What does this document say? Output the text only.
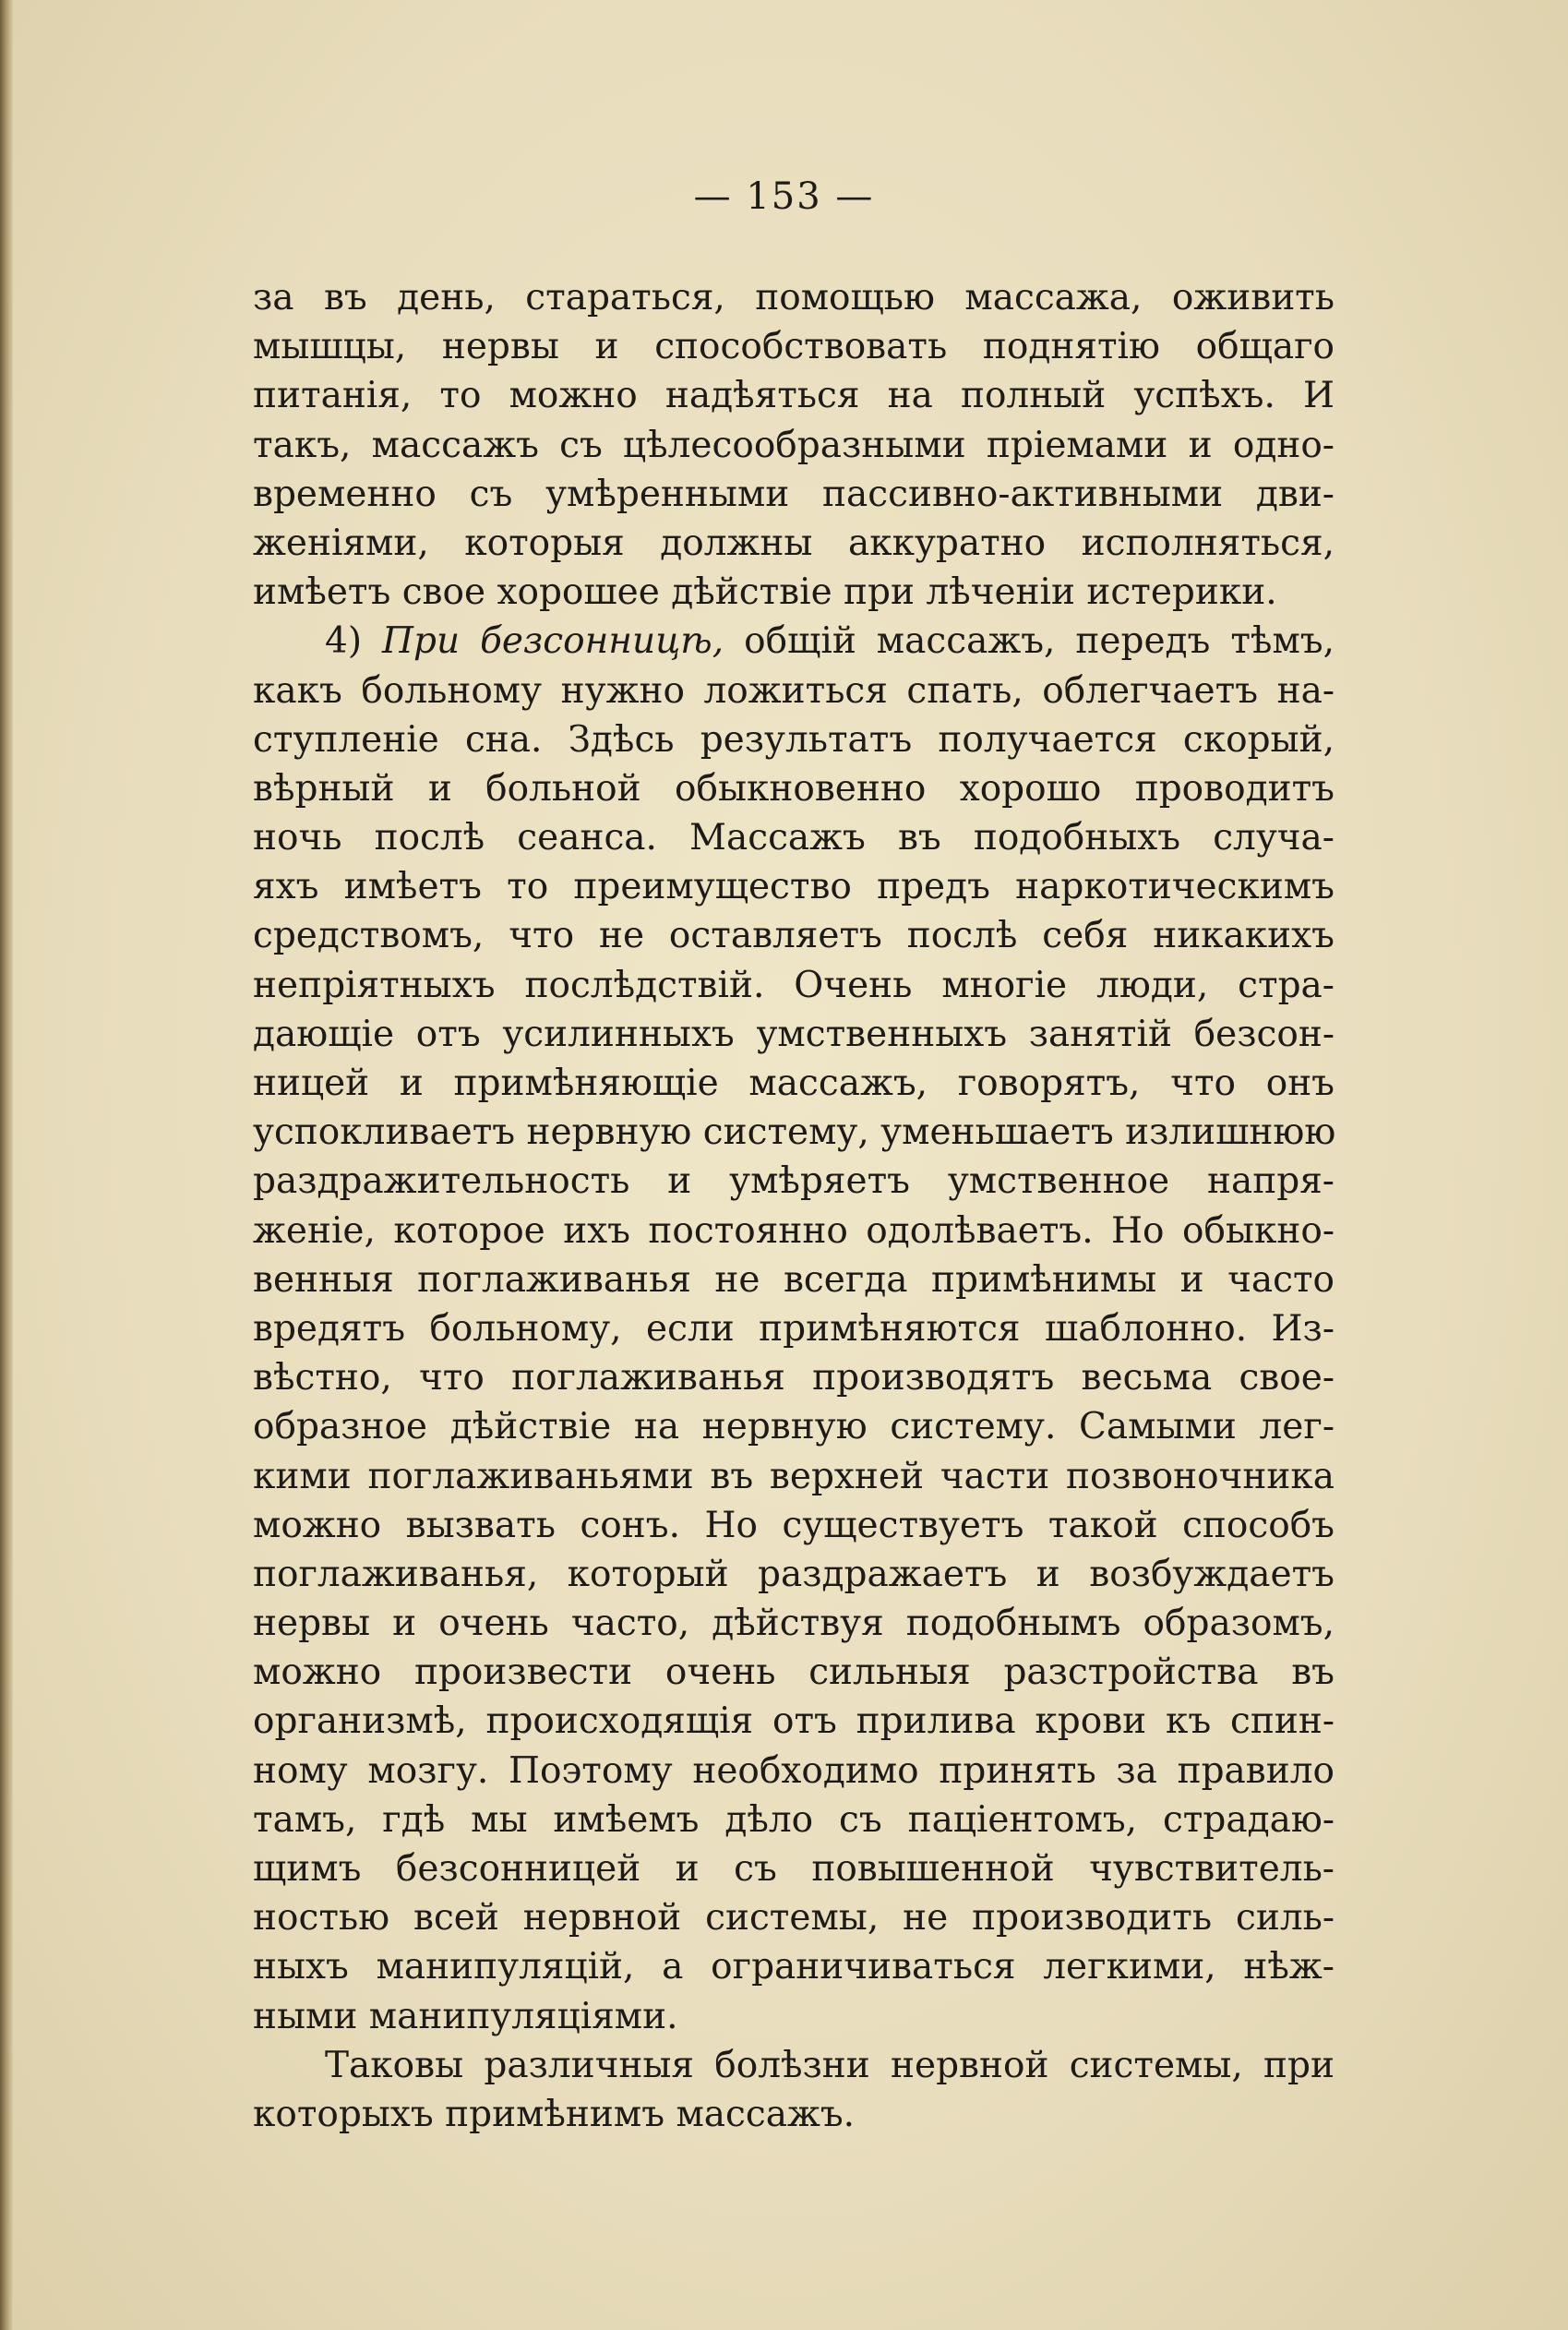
— 153 —
за въ день, стараться, помощью массажа, оживить
мышцы, нервы и способствовать поднятію общаго
питанія, то можно надѣяться на полный успѣхъ. И
такъ, массажъ съ цѣлесообразными пріемами и одно-
временно съ умѣренными пассивно-активными дви-
женіями, которыя должны аккуратно исполняться,
имѣетъ свое хорошее дѣйствіе при лѣченіи истерики.
4) При безсонницѣ, общій массажъ, передъ тѣмъ,
какъ больному нужно ложиться спать, облегчаетъ на-
ступленіе сна. Здѣсь результатъ получается скорый,
вѣрный и больной обыкновенно хорошо проводитъ
ночь послѣ сеанса. Массажъ въ подобныхъ случа-
яхъ имѣетъ то преимущество предъ наркотическимъ
средствомъ, что не оставляетъ послѣ себя никакихъ
непріятныхъ послѣдствій. Очень многіе люди, стра-
дающіе отъ усилинныхъ умственныхъ занятій безсон-
ницей и примѣняющіе массажъ, говорятъ, что онъ
успокливаетъ нервную систему, уменьшаетъ излишнюю
раздражительность и умѣряетъ умственное напря-
женіе, которое ихъ постоянно одолѣваетъ. Но обыкно-
венныя поглаживанья не всегда примѣнимы и часто
вредятъ больному, если примѣняются шаблонно. Из-
вѣстно, что поглаживанья производятъ весьма свое-
образное дѣйствіе на нервную систему. Самыми лег-
кими поглаживаньями въ верхней части позвоночника
можно вызвать сонъ. Но существуетъ такой способъ
поглаживанья, который раздражаетъ и возбуждаетъ
нервы и очень часто, дѣйствуя подобнымъ образомъ,
можно произвести очень сильныя разстройства въ
организмѣ, происходящія отъ прилива крови къ спин-
ному мозгу. Поэтому необходимо принять за правило
тамъ, гдѣ мы имѣемъ дѣло съ паціентомъ, страдаю-
щимъ безсонницей и съ повышенной чувствитель-
ностью всей нервной системы, не производить силь-
ныхъ манипуляцій, а ограничиваться легкими, нѣж-
ными манипуляціями.
Таковы различныя болѣзни нервной системы, при
которыхъ примѣнимъ массажъ.
